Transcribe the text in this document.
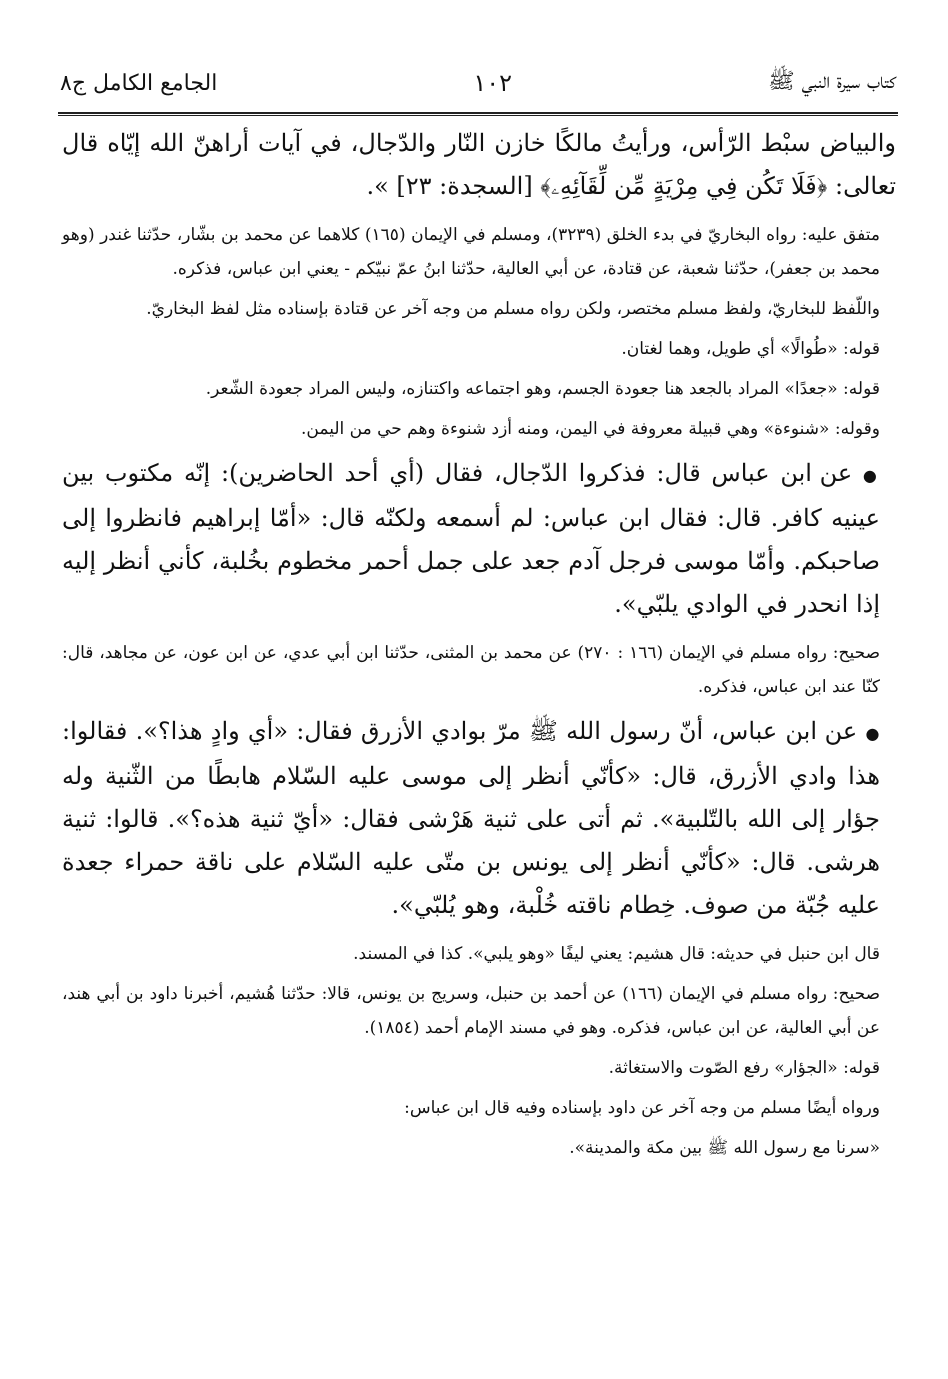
كتاب سيرة النبي ﷺ
١٠٢
الجامع الكامل ج٨

والبياض سبْط الرّأس، ورأيتُ مالكًا خازن النّار والدّجال، في آيات أراهنّ الله إيّاه قال تعالى: ﴿فَلَا تَكُن فِي مِرْيَةٍ مِّن لِّقَآئِهِۦ﴾ [السجدة: ٢٣] ».

متفق عليه: رواه البخاريّ في بدء الخلق (٣٢٣٩)، ومسلم في الإيمان (١٦٥) كلاهما عن محمد بن بشّار، حدّثنا غندر (وهو محمد بن جعفر)، حدّثنا شعبة، عن قتادة، عن أبي العالية، حدّثنا ابنُ عمّ نبيّكم - يعني ابن عباس، فذكره.

واللّفظ للبخاريّ، ولفظ مسلم مختصر، ولكن رواه مسلم من وجه آخر عن قتادة بإسناده مثل لفظ البخاريّ.

قوله: «طُوالًا» أي طويل، وهما لغتان.

قوله: «جعدًا» المراد بالجعد هنا جعودة الجسم، وهو اجتماعه واكتنازه، وليس المراد جعودة الشّعر.

وقوله: «شنوءة» وهي قبيلة معروفة في اليمن، ومنه أزد شنوءة وهم حي من اليمن.

● عن ابن عباس قال: فذكروا الدّجال، فقال (أي أحد الحاضرين): إنّه مكتوب بين عينيه كافر. قال: فقال ابن عباس: لم أسمعه ولكنّه قال: «أمّا إبراهيم فانظروا إلى صاحبكم. وأمّا موسى فرجل آدم جعد على جمل أحمر مخطوم بخُلبة، كأني أنظر إليه إذا انحدر في الوادي يلبّي».

صحيح: رواه مسلم في الإيمان (١٦٦ : ٢٧٠) عن محمد بن المثنى، حدّثنا ابن أبي عدي، عن ابن عون، عن مجاهد، قال: كنّا عند ابن عباس، فذكره.

● عن ابن عباس، أنّ رسول الله ﷺ مرّ بوادي الأزرق فقال: «أي وادٍ هذا؟». فقالوا: هذا وادي الأزرق، قال: «كأنّي أنظر إلى موسى عليه السّلام هابطًا من الثّنية وله جؤار إلى الله بالتّلبية». ثم أتى على ثنية هَرْشى فقال: «أيّ ثنية هذه؟». قالوا: ثنية هرشى. قال: «كأنّي أنظر إلى يونس بن متّى عليه السّلام على ناقة حمراء جعدة عليه جُبّة من صوف. خِطام ناقته خُلْبة، وهو يُلبّي».

قال ابن حنبل في حديثه: قال هشيم: يعني ليفًا «وهو يلبي». كذا في المسند.

صحيح: رواه مسلم في الإيمان (١٦٦) عن أحمد بن حنبل، وسريج بن يونس، قالا: حدّثنا هُشيم، أخبرنا داود بن أبي هند، عن أبي العالية، عن ابن عباس، فذكره. وهو في مسند الإمام أحمد (١٨٥٤).

قوله: «الجؤار» رفع الصّوت والاستغاثة.

ورواه أيضًا مسلم من وجه آخر عن داود بإسناده وفيه قال ابن عباس:

«سرنا مع رسول الله ﷺ بين مكة والمدينة».
